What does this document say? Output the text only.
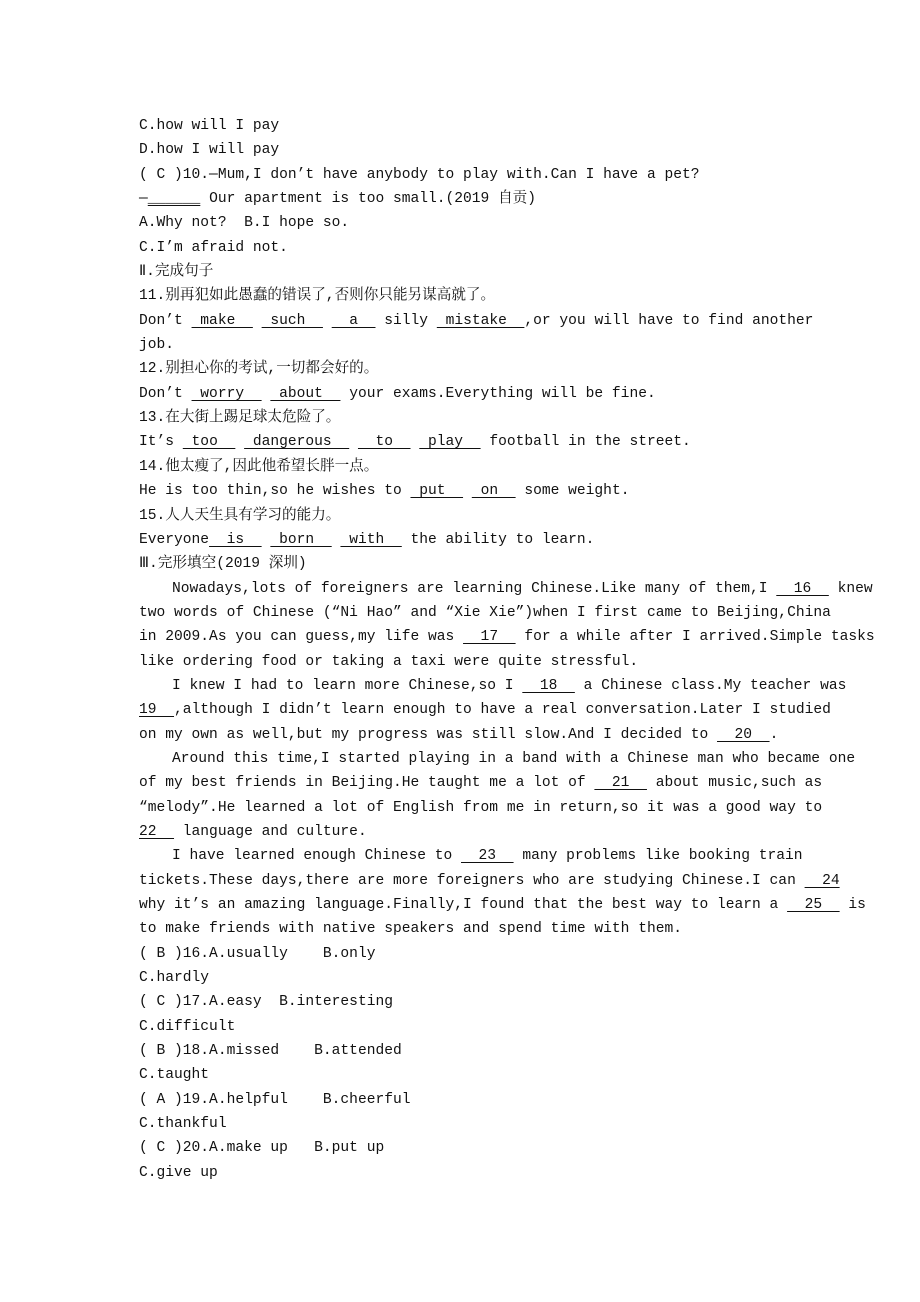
C.how will I pay
D.how I will pay
( C )10.—Mum,I don’t have anybody to play with.Can I have a pet?
—______ Our apartment is too small.(2019 自贡)
A.Why not?  B.I hope so.
C.I’m afraid not.
Ⅱ.完成句子
11.别再犯如此愚蠢的错误了,否则你只能另谋高就了。
Don’t  make    such     a   silly  mistake  ,or you will have to find another
job.
12.别担心你的考试,一切都会好的。
Don’t  worry    about   your exams.Everything will be fine.
13.在大街上踢足球太危险了。
It’s  too    dangerous     to    play   football in the street.
14.他太瘦了,因此他希望长胖一点。
He is too thin,so he wishes to  put    on   some weight.
15.人人天生具有学习的能力。
Everyone  is    born    with   the ability to learn.
Ⅲ.完形填空(2019 深圳)
Nowadays,lots of foreigners are learning Chinese.Like many of them,I   16   knew
two words of Chinese (“Ni Hao” and “Xie Xie”)when I first came to Beijing,China
in 2009.As you can guess,my life was   17   for a while after I arrived.Simple tasks
like ordering food or taking a taxi were quite stressful.
I knew I had to learn more Chinese,so I   18   a Chinese class.My teacher was
19  ,although I didn’t learn enough to have a real conversation.Later I studied
on my own as well,but my progress was still slow.And I decided to   20  .
Around this time,I started playing in a band with a Chinese man who became one
of my best friends in Beijing.He taught me a lot of   21   about music,such as
“melody”.He learned a lot of English from me in return,so it was a good way to
22   language and culture.
I have learned enough Chinese to   23   many problems like booking train
tickets.These days,there are more foreigners who are studying Chinese.I can   24
why it’s an amazing language.Finally,I found that the best way to learn a   25   is
to make friends with native speakers and spend time with them.
( B )16.A.usually    B.only
C.hardly
( C )17.A.easy  B.interesting
C.difficult
( B )18.A.missed    B.attended
C.taught
( A )19.A.helpful    B.cheerful
C.thankful
( C )20.A.make up   B.put up
C.give up
